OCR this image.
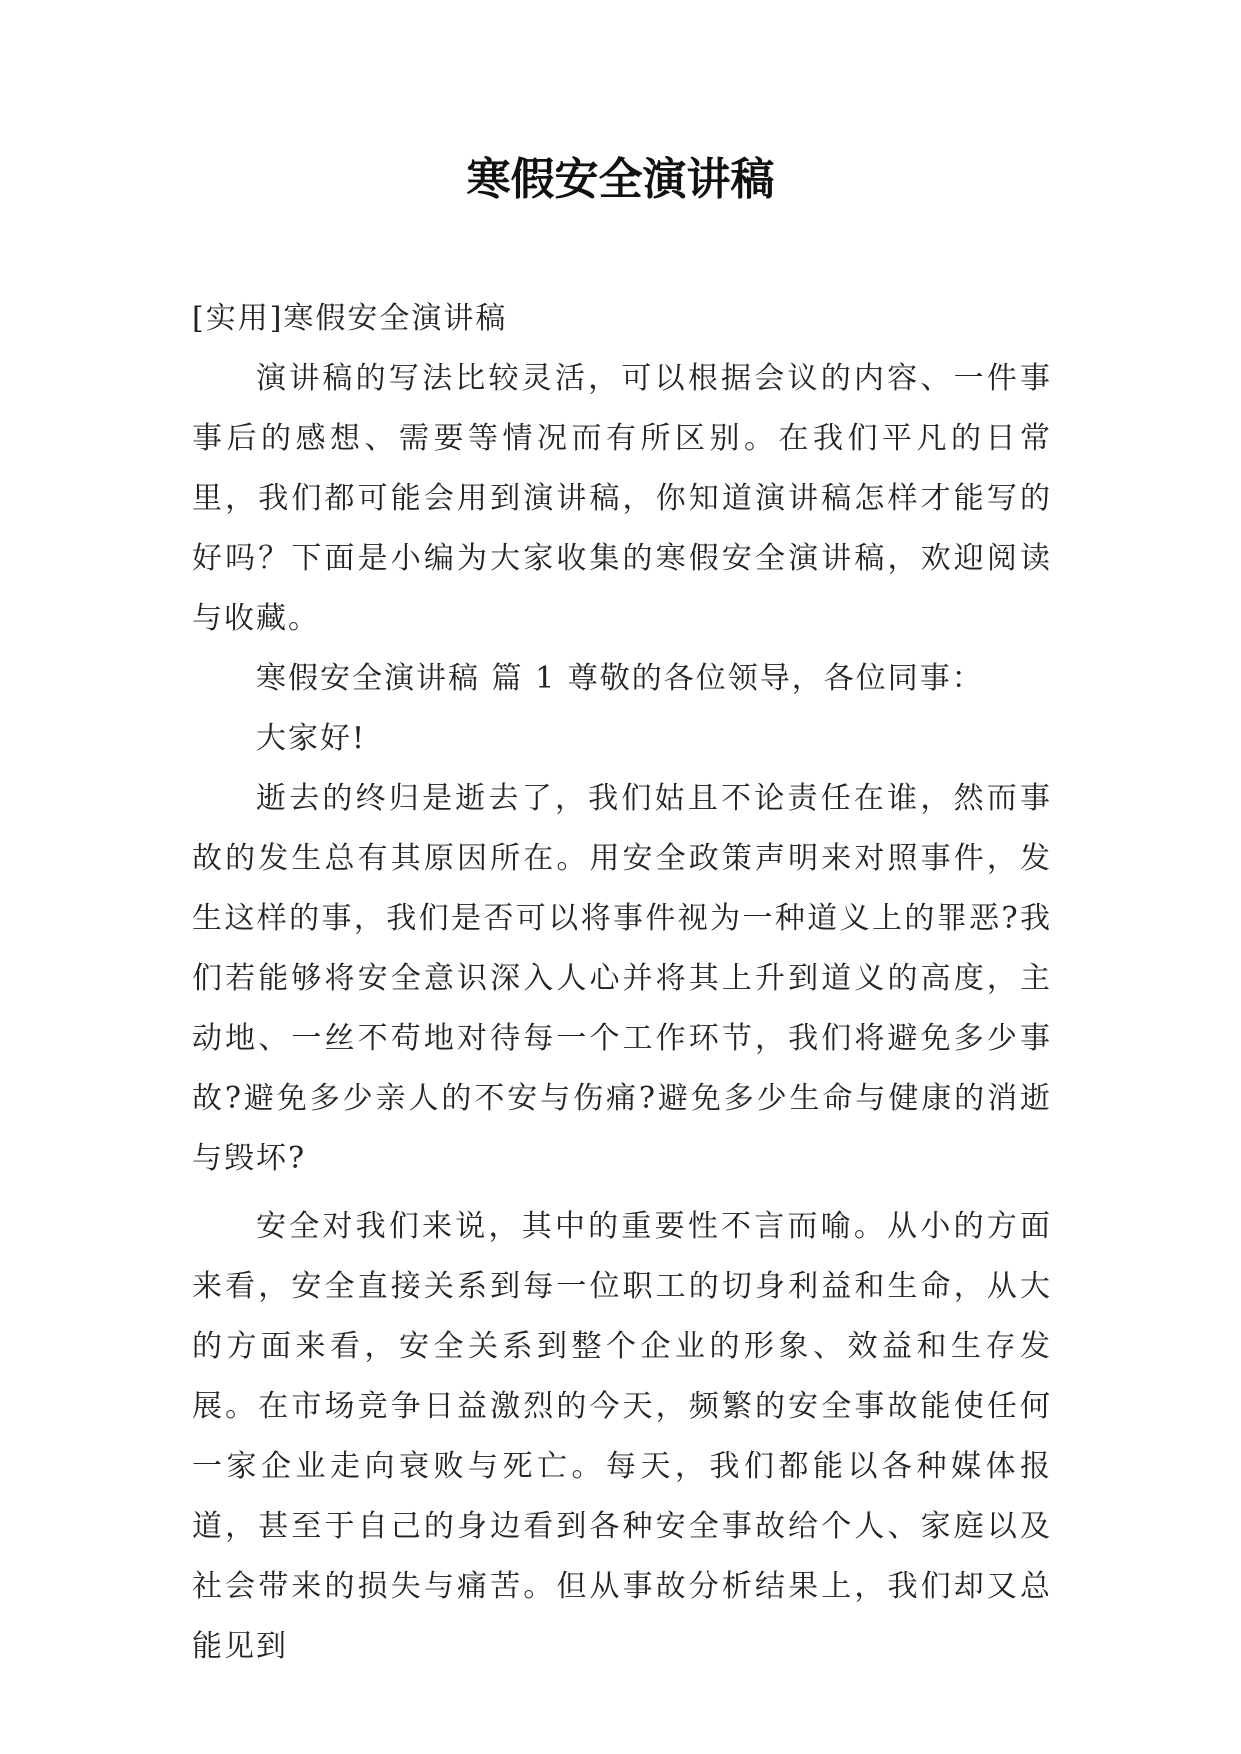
寒假安全演讲稿

[实用]寒假安全演讲稿

演讲稿的写法比较灵活，可以根据会议的内容、一件事事后的感想、需要等情况而有所区别。在我们平凡的日常里，我们都可能会用到演讲稿，你知道演讲稿怎样才能写的好吗？下面是小编为大家收集的寒假安全演讲稿，欢迎阅读与收藏。

寒假安全演讲稿 篇 1 尊敬的各位领导，各位同事：

大家好!

逝去的终归是逝去了，我们姑且不论责任在谁，然而事故的发生总有其原因所在。用安全政策声明来对照事件，发生这样的事，我们是否可以将事件视为一种道义上的罪恶?我们若能够将安全意识深入人心并将其上升到道义的高度，主动地、一丝不苟地对待每一个工作环节，我们将避免多少事故?避免多少亲人的不安与伤痛?避免多少生命与健康的消逝与毁坏?

安全对我们来说，其中的重要性不言而喻。从小的方面来看，安全直接关系到每一位职工的切身利益和生命，从大的方面来看，安全关系到整个企业的形象、效益和生存发展。在市场竞争日益激烈的今天，频繁的安全事故能使任何一家企业走向衰败与死亡。每天，我们都能以各种媒体报道，甚至于自己的身边看到各种安全事故给个人、家庭以及社会带来的损失与痛苦。但从事故分析结果上，我们却又总能见到
